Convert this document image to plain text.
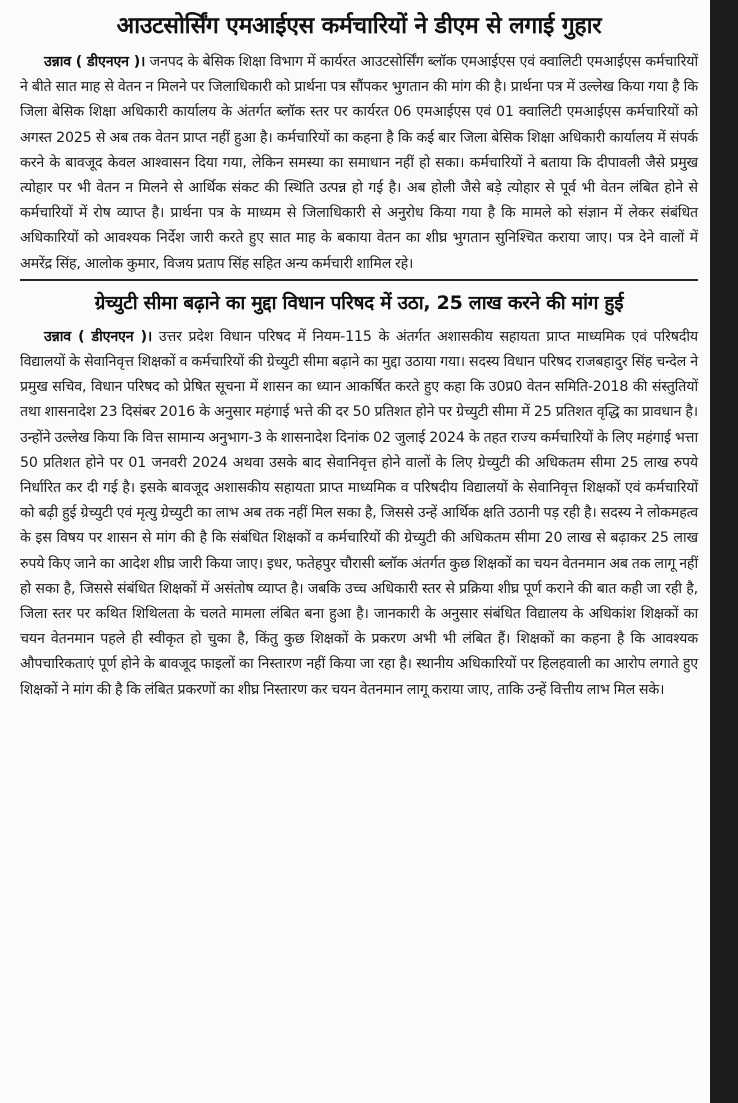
आउटसोर्सिंग एमआईएस कर्मचारियों ने डीएम से लगाई गुहार

उन्नाव ( डीएनएन )। जनपद के बेसिक शिक्षा विभाग में कार्यरत आउटसोर्सिंग ब्लॉक एमआईएस एवं क्वालिटी एमआईएस कर्मचारियों ने बीते सात माह से वेतन न मिलने पर जिलाधिकारी को प्रार्थना पत्र सौंपकर भुगतान की मांग की है। प्रार्थना पत्र में उल्लेख किया गया है कि जिला बेसिक शिक्षा अधिकारी कार्यालय के अंतर्गत ब्लॉक स्तर पर कार्यरत 06 एमआईएस एवं 01 क्वालिटी एमआईएस कर्मचारियों को अगस्त 2025 से अब तक वेतन प्राप्त नहीं हुआ है। कर्मचारियों का कहना है कि कई बार जिला बेसिक शिक्षा अधिकारी कार्यालय में संपर्क करने के बावजूद केवल आश्वासन दिया गया, लेकिन समस्या का समाधान नहीं हो सका। कर्मचारियों ने बताया कि दीपावली जैसे प्रमुख त्योहार पर भी वेतन न मिलने से आर्थिक संकट की स्थिति उत्पन्न हो गई है। अब होली जैसे बड़े त्योहार से पूर्व भी वेतन लंबित होने से कर्मचारियों में रोष व्याप्त है। प्रार्थना पत्र के माध्यम से जिलाधिकारी से अनुरोध किया गया है कि मामले को संज्ञान में लेकर संबंधित अधिकारियों को आवश्यक निर्देश जारी करते हुए सात माह के बकाया वेतन का शीघ्र भुगतान सुनिश्चित कराया जाए। पत्र देने वालों में अमरेंद्र सिंह, आलोक कुमार, विजय प्रताप सिंह सहित अन्य कर्मचारी शामिल रहे।

ग्रेच्युटी सीमा बढ़ाने का मुद्दा विधान परिषद में उठा, 25 लाख करने की मांग हुई

उन्नाव ( डीएनएन )। उत्तर प्रदेश विधान परिषद में नियम-115 के अंतर्गत अशासकीय सहायता प्राप्त माध्यमिक एवं परिषदीय विद्यालयों के सेवानिवृत्त शिक्षकों व कर्मचारियों की ग्रेच्युटी सीमा बढ़ाने का मुद्दा उठाया गया। सदस्य विधान परिषद राजबहादुर सिंह चन्देल ने प्रमुख सचिव, विधान परिषद को प्रेषित सूचना में शासन का ध्यान आकर्षित करते हुए कहा कि उ0प्र0 वेतन समिति-2018 की संस्तुतियों तथा शासनादेश 23 दिसंबर 2016 के अनुसार महंगाई भत्ते की दर 50 प्रतिशत होने पर ग्रेच्युटी सीमा में 25 प्रतिशत वृद्धि का प्रावधान है। उन्होंने उल्लेख किया कि वित्त सामान्य अनुभाग-3 के शासनादेश दिनांक 02 जुलाई 2024 के तहत राज्य कर्मचारियों के लिए महंगाई भत्ता 50 प्रतिशत होने पर 01 जनवरी 2024 अथवा उसके बाद सेवानिवृत्त होने वालों के लिए ग्रेच्युटी की अधिकतम सीमा 25 लाख रुपये निर्धारित कर दी गई है। इसके बावजूद अशासकीय सहायता प्राप्त माध्यमिक व परिषदीय विद्यालयों के सेवानिवृत्त शिक्षकों एवं कर्मचारियों को बढ़ी हुई ग्रेच्युटी एवं मृत्यु ग्रेच्युटी का लाभ अब तक नहीं मिल सका है, जिससे उन्हें आर्थिक क्षति उठानी पड़ रही है। सदस्य ने लोकमहत्व के इस विषय पर शासन से मांग की है कि संबंधित शिक्षकों व कर्मचारियों की ग्रेच्युटी की अधिकतम सीमा 20 लाख से बढ़ाकर 25 लाख रुपये किए जाने का आदेश शीघ्र जारी किया जाए। इधर, फतेहपुर चौरासी ब्लॉक अंतर्गत कुछ शिक्षकों का चयन वेतनमान अब तक लागू नहीं हो सका है, जिससे संबंधित शिक्षकों में असंतोष व्याप्त है। जबकि उच्च अधिकारी स्तर से प्रक्रिया शीघ्र पूर्ण कराने की बात कही जा रही है, जिला स्तर पर कथित शिथिलता के चलते मामला लंबित बना हुआ है। जानकारी के अनुसार संबंधित विद्यालय के अधिकांश शिक्षकों का चयन वेतनमान पहले ही स्वीकृत हो चुका है, किंतु कुछ शिक्षकों के प्रकरण अभी भी लंबित हैं। शिक्षकों का कहना है कि आवश्यक औपचारिकताएं पूर्ण होने के बावजूद फाइलों का निस्तारण नहीं किया जा रहा है। स्थानीय अधिकारियों पर हिलहवाली का आरोप लगाते हुए शिक्षकों ने मांग की है कि लंबित प्रकरणों का शीघ्र निस्तारण कर चयन वेतनमान लागू कराया जाए, ताकि उन्हें वित्तीय लाभ मिल सके।
